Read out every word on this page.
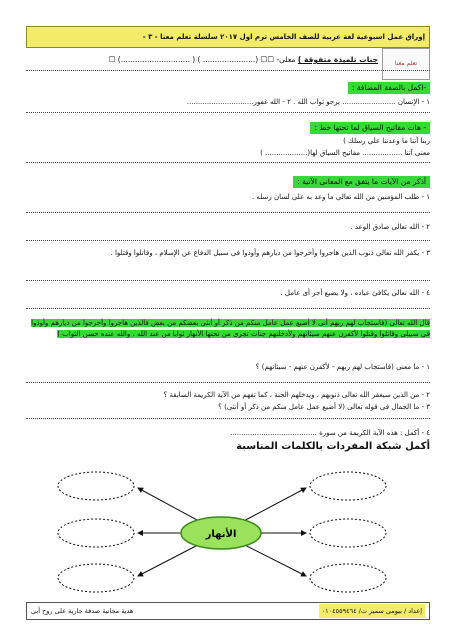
إوراق عمل اسبوعية لغة عربية للصف الخامس ترم اول ٢٠١٧ سلسلة تعلم معنا - ٣ -
تعلم معنا
جنات تلميذة متفوقة ) معلى- ☐☐ (...................... ) ( .............................) ☐
-اكمل بالصفة المضافة :
١ - الإنسان ........................ يرجو ثواب الله . ٢ - الله غفور..............................
- هات مفاتيح السياق لما تحتها خط :
ربنا آتنا ما وعدتنا على رسلك )
معنى آتنا .................. مفاتيح السياق لها(................... )
أذكر من الآيات ما يتفق مع المعانى الآتية :
١ - طلب المؤمنين من الله تعالى ما وعد به على لسان رسله .
٢ - الله تعالى صادق الوعد .
٣ - يكفر الله تعالى ذنوب الذين هاجروا وأخرجوا من ديارهم وأوذوا فى سبيل الدفاع عن الإسلام ، وقاتلوا وقتلوا .
٤ - الله تعالى يكافئ عباده ، ولا يضيع أجر أى عامل .
قال الله تعالى (فاستجاب لهم ربهم أنى لا أضيع عمل عامل منكم من ذكر أو أنثى بعضكم من بعض فالذين هاجروا وأخرجوا من ديارهم وأوذوا فى سبيلى وقاتلوا وقتلوا لأكفرن عنهم سيئاتهم ولأدخلنهم جنات تجرى من تحتها الأنهار ثوابا من عند الله ، والله عنده حسن الثواب )
١ - ما معنى (فاستجاب لهم ربهم - لأكفرن عنهم - سيئاتهم) ؟
٢ - من الذين سيغفر الله تعالى ذنوبهم ، ويدخلهم الجنة ، كما تفهم من الآية الكريمة السابقة ؟
٣ - ما الجمال فى قوله تعالى (لا أضيع عمل عامل منكم من ذكر أو أنثى) ؟
٤ - أكمل : هذه الآية الكريمة من سورة .......................................
أكمل شبكة المفردات بالكلمات المناسبة
الأنهار
إعداد / بيومى سمير ت/ ٠١٠٤٥٥٩٤٦٤
هدية مجانية صدقة جارية على روح أبى
